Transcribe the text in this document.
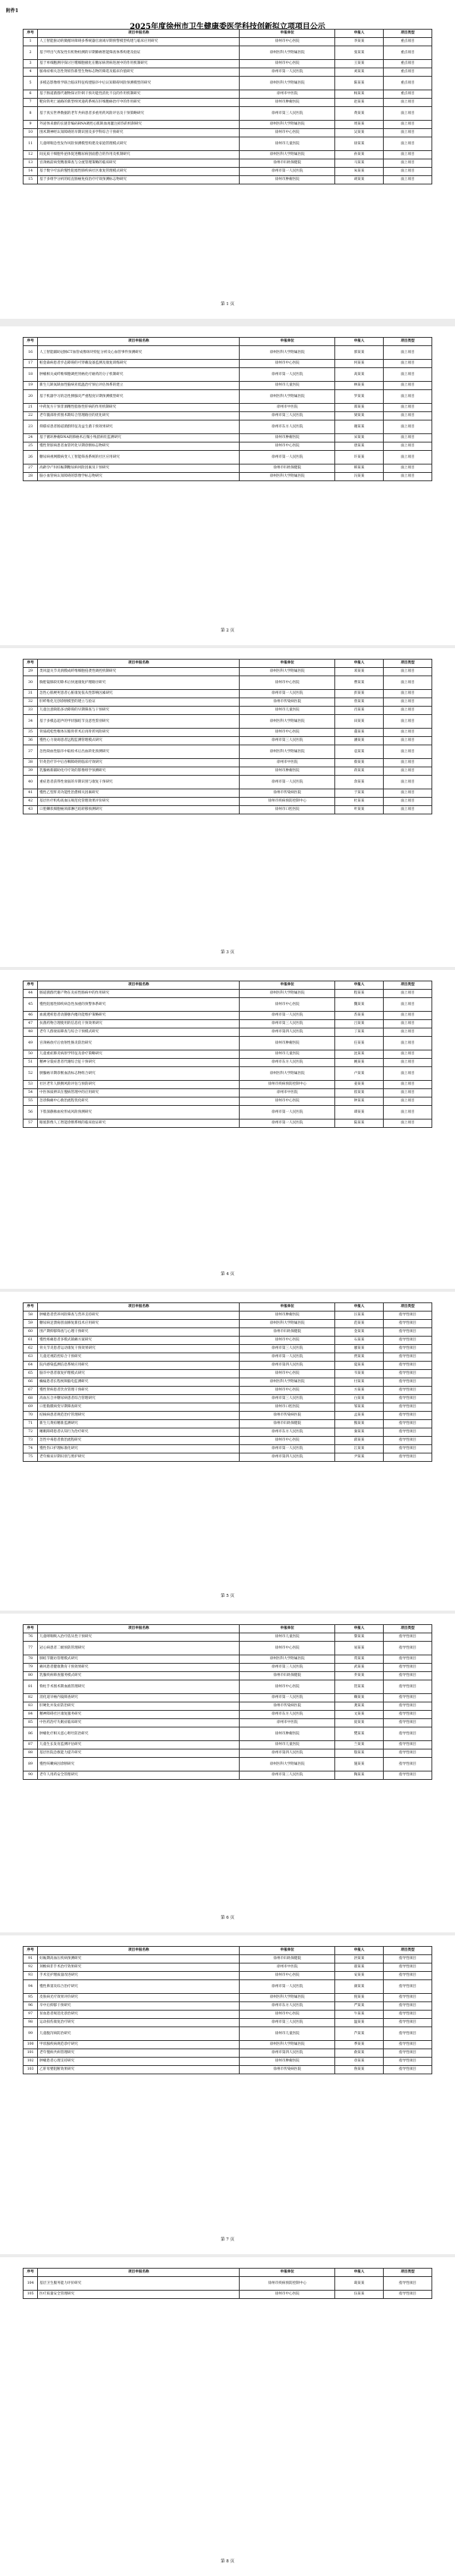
附件1
2025年度徐州市卫生健康委医学科技创新拟立项项目公示
序号	项目申报名称	申报单位	申报人	项目类型
1	人工智能驱动的微循环障碍多系统器官衰竭早期预警模型构建与临床应用研究	徐州市中心医院	李某某	重点项目
2	基于呼出气挥发性有机物检测的早期肺癌智能筛查体系构建及验证	徐州医科大学附属医院	张某某	重点项目
3	基于单细胞测序探讨巨噬细胞极化在糖尿病肾病进展中的作用机制研究	徐州市中心医院	王某某	重点项目
4	脓毒症相关急性肾损伤新型生物标志物的筛选及临床价值研究	徐州市第一人民医院	刘某某	重点项目
5	多模态影像组学联合临床特征构建脑卒中后认知障碍风险预测模型的研究	徐州医科大学附属医院	陈某某	重点项目
6	基于肠道菌群代谢物探讨针刺干预功能性消化不良的作用机制研究	徐州市中医院	杨某某	重点项目
7	靶向铁死亡通路的新型纳米递药系统在肝细胞癌治疗中的作用研究	徐州市肿瘤医院	赵某某	面上项目
8	基于真实世界数据的老年共病患者多重用药风险评估及干预策略研究	徐州市第三人民医院	黄某某	面上项目
9	外泌体来源的长链非编码RNA调控心肌缺血再灌注损伤的机制研究	徐州医科大学附属医院	周某某	面上项目
10	围术期神经认知障碍的早期识别及多学科综合干预研究	徐州市中心医院	吴某某	面上项目
11	儿童哮喘急性发作风险预测模型构建及家庭管理模式研究	徐州市儿童医院	徐某某	面上项目
12	间充质干细胞外泌体促进糖尿病创面愈合的作用及机制研究	徐州医科大学附属医院	孙某某	面上项目
13	宫颈癌前病变精准筛查与分流管理策略的临床研究	徐州市妇幼保健院	马某某	面上项目
14	基于数字疗法的慢性阻塞性肺疾病社区康复管理模式研究	徐州市第一人民医院	朱某某	面上项目
15	基于多组学分析的结直肠癌免疫治疗疗效预测标志物研究	徐州市肿瘤医院	胡某某	面上项目
第 1 页
序号	项目申报名称	申报单位	申报人	项目类型
16	人工智能辅助冠脉CT血管成像斑块特征分析及心血管事件预测研究	徐州医科大学附属医院	郭某某	面上项目
17	帕金森病患者步态障碍的可穿戴设备监测及康复训练研究	徐州市中心医院	何某某	面上项目
18	肿瘤相关成纤维细胞调控胃癌化疗耐药的分子机制研究	徐州市第一人民医院	高某某	面上项目
19	新生儿缺氧缺血性脑病亚低温治疗预后评估体系的建立	徐州市儿童医院	林某某	面上项目
20	基于机器学习的急性胰腺炎严重程度早期预测模型研究	徐州医科大学附属医院	罗某某	面上项目
21	中药复方干预非酒精性脂肪性肝病的作用机制研究	徐州市中医院	郑某某	面上项目
22	老年髋部骨折围术期综合管理路径的优化研究	徐州市第三人民医院	梁某某	面上项目
23	抑郁症患者肠道菌群特征及益生菌干预效果研究	徐州市东方人民医院	谢某某	面上项目
24	基于循环肿瘤DNA的肺癌术后微小残留病灶监测研究	徐州市肿瘤医院	宋某某	面上项目
25	慢性肾脏病患者血管钙化早期诊断标志物研究	徐州市中心医院	唐某某	面上项目
26	糖尿病视网膜病变人工智能筛查系统的社区应用研究	徐州市第一人民医院	许某某	面上项目
27	高龄孕产妇妊娠期糖尿病风险因素及干预研究	徐州市妇幼保健院	韩某某	面上项目
28	脑小血管病认知障碍的影像学标志物研究	徐州医科大学附属医院	冯某某	面上项目
第 2 页
序号	项目申报名称	申报单位	申报人	项目类型
29	类风湿关节炎滑膜成纤维细胞侵袭性调控机制研究	徐州医科大学附属医院	邓某某	面上项目
30	胸腔镜肺段切除术后快速康复护理路径研究	徐州市中心医院	曹某某	面上项目
31	急性心肌梗死患者心脏康复依从性影响因素研究	徐州市第一人民医院	彭某某	面上项目
32	肝纤维化无创诊断模型的建立与验证	徐州市传染病医院	曾某某	面上项目
33	儿童注意缺陷多动障碍的早期筛查与干预研究	徐州市儿童医院	肖某某	面上项目
34	基于多模态超声的甲状腺结节良恶性鉴别研究	徐州医科大学附属医院	田某某	面上项目
35	骨质疏松性椎体压缩骨折术后再骨折风险研究	徐州市中心医院	董某某	面上项目
36	慢性心力衰竭患者远程监测管理模式研究	徐州市第三人民医院	潘某某	面上项目
37	急性缺血性脑卒中取栓术后出血转化预测研究	徐州医科大学附属医院	袁某某	面上项目
38	针灸治疗卒中后吞咽障碍的临床疗效研究	徐州市中医院	蔡某某	面上项目
39	乳腺癌新辅助化疗疗效的影像组学预测研究	徐州市肿瘤医院	蒋某某	面上项目
40	重症患者获得性衰弱的早期识别与康复干预研究	徐州市第一人民医院	余某某	面上项目
41	慢性乙型肝炎功能性治愈相关因素研究	徐州市传染病医院	于某某	面上项目
42	基层医疗机构高血压规范化管理效果评价研究	徐州市疾病预防控制中心	杜某某	面上项目
43	口腔鳞状细胞癌颈部淋巴结转移预测研究	徐州市口腔医院	叶某某	面上项目
第 3 页
序号	项目申报名称	申报单位	申报人	项目类型
44	肠道菌群代谢产物在炎症性肠病中的作用研究	徐州医科大学附属医院	程某某	面上项目
45	慢性阻塞性肺疾病急性加重的预警体系研究	徐州市中心医院	魏某某	面上项目
46	血液透析患者动静脉内瘘功能维护策略研究	徐州市第一人民医院	苏某某	面上项目
47	抗菌药物合理使用的信息化干预效果研究	徐州市第三人民医院	吕某某	面上项目
48	老年人群衰弱筛查与综合干预模式研究	徐州市第四人民医院	丁某某	面上项目
49	宫颈癌放疗后放射性肠炎防治研究	徐州市肿瘤医院	任某某	面上项目
50	儿童重症肺炎病原学特征及诊疗策略研究	徐州市儿童医院	沈某某	面上项目
51	精神分裂症患者代谢综合征干预研究	徐州市东方人民医院	姚某某	面上项目
52	胰腺癌早期诊断血清标志物组合研究	徐州医科大学附属医院	卢某某	面上项目
53	社区老年人跌倒风险评估与预防研究	徐州市疾病预防控制中心	姜某某	面上项目
54	中医体质辨识在慢病管理中的应用研究	徐州市中医院	崔某某	面上项目
55	急诊胸痛中心救治流程优化研究	徐州市中心医院	钟某某	面上项目
56	下肢深静脉血栓形成风险预测研究	徐州市第一人民医院	谭某某	面上项目
57	眼底影像人工智能诊断系统的临床验证研究	徐州市第一人民医院	陆某某	面上项目
第 4 页
序号	项目申报名称	申报单位	申报人	项目类型
58	肿瘤患者营养风险筛查与营养支持研究	徐州市肿瘤医院	汪某某	指导性项目
59	糖尿病足溃疡创面修复新技术应用研究	徐州医科大学附属医院	范某某	指导性项目
60	围产期抑郁筛查与心理干预研究	徐州市妇幼保健院	金某某	指导性项目
61	慢性疼痛患者多模式镇痛方案研究	徐州市中心医院	石某某	指导性项目
62	骨关节炎患者运动康复干预效果研究	徐州市第三人民医院	廖某某	指导性项目
63	儿童近视防控综合干预研究	徐州市第一人民医院	贾某某	指导性项目
64	院内感染监测信息系统应用研究	徐州市第四人民医院	夏某某	指导性项目
65	脑卒中患者康复护理模式研究	徐州市中心医院	韦某某	指导性项目
66	癫痫患者长程视频脑电监测研究	徐州医科大学附属医院	付某某	指导性项目
67	慢性肾病患者饮食管理干预研究	徐州市中心医院	方某某	指导性项目
68	高血压合并糖尿病患者综合管理研究	徐州市第三人民医院	白某某	指导性项目
69	口腔黏膜病变早期筛查研究	徐州市口腔医院	邹某某	指导性项目
70	结核病患者规范治疗管理研究	徐州市传染病医院	孟某某	指导性项目
71	新生儿黄疸精准监测研究	徐州市妇幼保健院	熊某某	指导性项目
72	睡眠障碍患者认知行为治疗研究	徐州市东方人民医院	秦某某	指导性项目
73	急性中毒患者救治流程研究	徐州市中心医院	邱某某	指导性项目
74	慢性伤口护理标准化研究	徐州市第一人民医院	江某某	指导性项目
75	老年痴呆早期识别与照护研究	徐州市第四人民医院	尹某某	指导性项目
第 5 页
序号	项目申报名称	申报单位	申报人	项目类型
76	儿童哮喘吸入治疗依从性干预研究	徐州市儿童医院	黎某某	指导性项目
77	冠心病患者二级预防管理研究	徐州市中心医院	易某某	指导性项目
78	肺结节随访管理模式研究	徐州医科大学附属医院	常某某	指导性项目
79	痛风患者健康教育干预效果研究	徐州市第三人民医院	武某某	指导性项目
80	乳腺疾病筛查服务模式研究	徐州市妇幼保健院	乔某某	指导性项目
81	脊柱手术围术期血液管理研究	徐州市中心医院	贺某某	指导性项目
82	消化道早癌内镜筛查研究	徐州市第一人民医院	赖某某	指导性项目
83	肝硬化并发症防治研究	徐州市传染病医院	龚某某	指导性项目
84	精神障碍社区康复服务研究	徐州市东方人民医院	文某某	指导性项目
85	中医药治疗失眠症临床研究	徐州市中医院	庞某某	指导性项目
86	肿瘤化疗相关恶心呕吐防治研究	徐州市肿瘤医院	樊某某	指导性项目
87	儿童生长发育监测评估研究	徐州市儿童医院	兰某某	指导性项目
88	基层医院急救能力提升研究	徐州市第四人民医院	殷某某	指导性项目
89	慢性咳嗽病因诊断研究	徐州医科大学附属医院	施某某	指导性项目
90	老年人用药安全管理研究	徐州市第三人民医院	陶某某	指导性项目
第 6 页
序号	项目申报名称	申报单位	申报人	项目类型
91	妊娠期高血压疾病预测研究	徐州市妇幼保健院	洪某某	指导性项目
92	颈椎病非手术治疗效果研究	徐州市中医院	翟某某	指导性项目
93	手术室护理质量改进研究	徐州市中心医院	安某某	指导性项目
94	慢性鼻窦炎综合治疗研究	徐州市第一人民医院	颜某某	指导性项目
95	皮肤病光疗效果评价研究	徐州医科大学附属医院	倪某某	指导性项目
96	卒中后抑郁干预研究	徐州市东方人民医院	严某某	指导性项目
97	贫血患者规范化诊治研究	徐州市中心医院	牛某某	指导性项目
98	运动损伤康复治疗研究	徐州市第三人民医院	温某某	指导性项目
99	儿童腹泻病防治研究	徐州市儿童医院	芦某某	指导性项目
100	甲状腺疾病规范诊疗研究	徐州医科大学附属医院	季某某	指导性项目
101	老年慢病共病管理研究	徐州市第四人民医院	俞某某	指导性项目
102	肿瘤患者心理支持研究	徐州市肿瘤医院	章某某	指导性项目
103	乙肝母婴阻断效果研究	徐州市传染病医院	鲁某某	指导性项目
第 7 页
序号	项目申报名称	申报单位	申报人	项目类型
104	基层卫生服务能力评价研究	徐州市疾病预防控制中心	葛某某	指导性项目
105	医疗质量安全管理研究	徐州市中心医院	伍某某	指导性项目
第 8 页
